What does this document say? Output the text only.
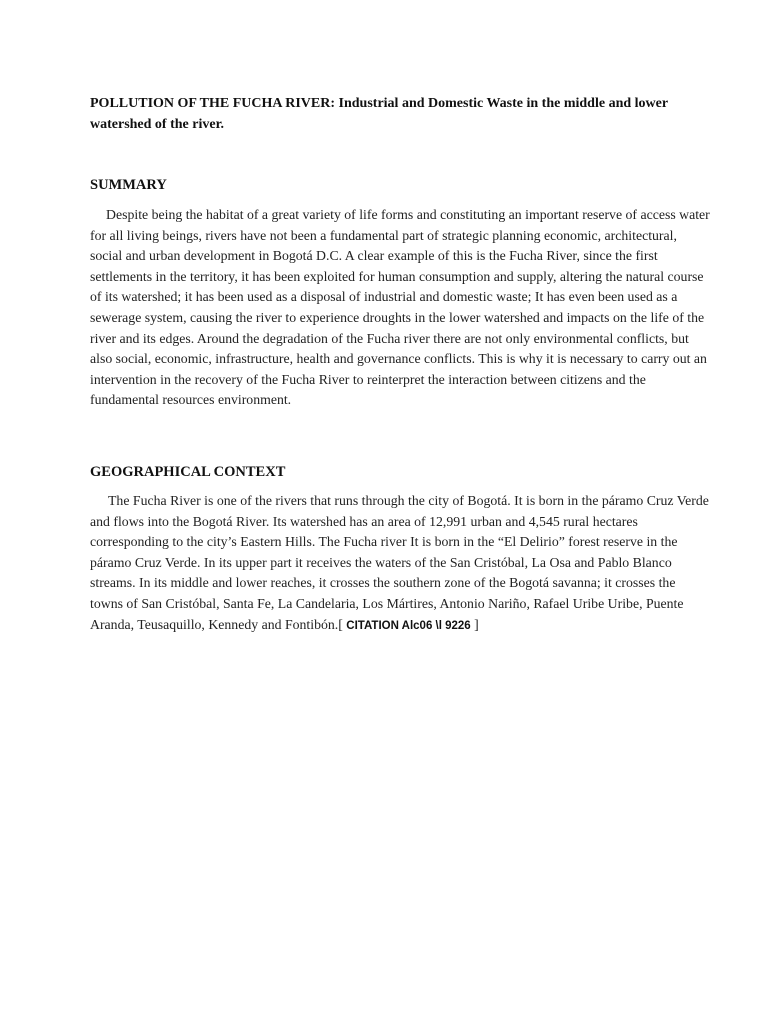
POLLUTION OF THE FUCHA RIVER: Industrial and Domestic Waste in the middle and lower watershed of the river.

SUMMARY

Despite being the habitat of a great variety of life forms and constituting an important reserve of access water for all living beings, rivers have not been a fundamental part of strategic planning economic, architectural, social and urban development in Bogotá D.C. A clear example of this is the Fucha River, since the first settlements in the territory, it has been exploited for human consumption and supply, altering the natural course of its watershed; it has been used as a disposal of industrial and domestic waste; It has even been used as a sewerage system, causing the river to experience droughts in the lower watershed and impacts on the life of the river and its edges. Around the degradation of the Fucha river there are not only environmental conflicts, but also social, economic, infrastructure, health and governance conflicts. This is why it is necessary to carry out an intervention in the recovery of the Fucha River to reinterpret the interaction between citizens and the fundamental resources environment.

GEOGRAPHICAL CONTEXT

The Fucha River is one of the rivers that runs through the city of Bogotá. It is born in the páramo Cruz Verde and flows into the Bogotá River. Its watershed has an area of 12,991 urban and 4,545 rural hectares corresponding to the city’s Eastern Hills. The Fucha river It is born in the “El Delirio” forest reserve in the páramo Cruz Verde. In its upper part it receives the waters of the San Cristóbal, La Osa and Pablo Blanco streams. In its middle and lower reaches, it crosses the southern zone of the Bogotá savanna; it crosses the towns of San Cristóbal, Santa Fe, La Candelaria, Los Mártires, Antonio Nariño, Rafael Uribe Uribe, Puente Aranda, Teusaquillo, Kennedy and Fontibón.[ CITATION Alc06 \l 9226 ]
